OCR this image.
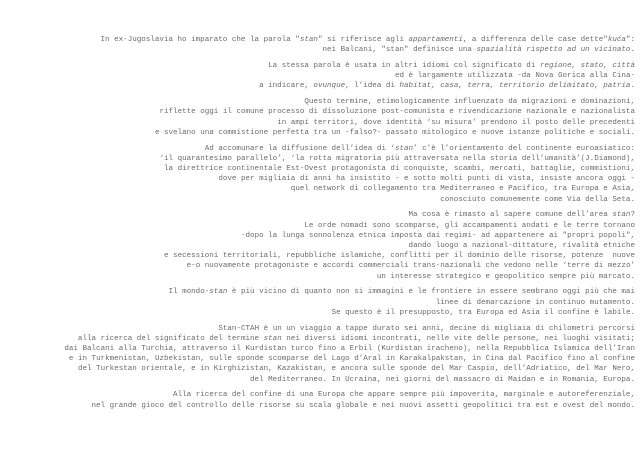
In ex-Jugoslavia ho imparato che la parola "stan" si riferisce agli appartamenti, a differenza delle case dette"kuća":
nei Balcani, "stan" definisce una spazialità rispetto ad un vicinato.
La stessa parola è usata in altri idiomi col significato di regione, stato, città
ed è largamente utilizzata -da Nova Gorica alla Cina-
a indicare, ovunque, l’idea di habitat, casa, terra, territorio delimitato, patria.
Questo termine, etimologicamente influenzato da migrazioni e dominazioni,
riflette oggi il comune processo di dissoluzione post-comunista e rivendicazione nazionale e nazionalista
in ampi territori, dove identità ‘su misura’ prendono il posto delle precedenti
e svelano una commistione perfetta tra un -falso?- passato mitologico e nuove istanze politiche e sociali.
Ad accomunare la diffusione dell’idea di ‘stan’ c’è l’orientamento del continente euroasiatico:
‘il quarantesimo parallelo’, ‘la rotta migratoria più attraversata nella storia dell’umanità’(J.Diamond),
la direttrice continentale Est-Ovest protagonista di conquiste, scambi, mercati, battaglie, commistioni,
dove per migliaia di anni ha insistito - e sotto molti punti di vista, insiste ancora oggi -
quel network di collegamento tra Mediterraneo e Pacifico, tra Europa e Asia,
conosciuto comunemente come Via della Seta.
Ma cosa è rimasto al sapere comune dell’area stan?
Le orde nomadi sono scomparse, gli accampamenti andati e le terre tornano
-dopo la lunga sonnolenza etnica imposta dai regimi- ad appartenere ai "propri popoli",
dando luogo a nazional-dittature, rivalità etniche
e secessioni territoriali, repubbliche islamiche, conflitti per il dominio delle risorse, potenze  nuove
e-o nuovamente protagoniste e accordi commerciali trans-nazionali che vedono nelle ‘terre di mezzo’
un interesse strategico e geopolitico sempre più marcato.
Il mondo-stan è più vicino di quanto non si immagini e le frontiere in essere sembrano oggi più che mai
linee di demarcazione in continuo mutamento.
Se questo è il presupposto, tra Europa ed Asia il confine è labile.
Stan-CTAH è un un viaggio a tappe durato sei anni, decine di migliaia di chilometri percorsi
alla ricerca del significato del termine stan nei diversi idiomi incontrati, nelle vite delle persone, nei luoghi visitati;
dai Balcani alla Turchia, attraverso il Kurdistan turco fino a Erbil (Kurdistan iracheno), nella Repubblica Islamica dell’Iran
e in Turkmenistan, Uzbekistan, sulle sponde scomparse del Lago d’Aral in Karakalpakstan, in Cina dal Pacifico fino al confine
del Turkestan orientale, e in Kirghizistan, Kazakistan, e ancora sulle sponde del Mar Caspio, dell’Adriatico, del Mar Nero,
del Mediterraneo. In Ucraina, nei giorni del massacro di Maidan e in Romania, Europa.
Alla ricerca del confine di una Europa che appare sempre più impoverita, marginale e autoreferenziale,
nel grande gioco del controllo delle risorse su scala globale e nei nuovi assetti geopolitici tra est e ovest del mondo.
